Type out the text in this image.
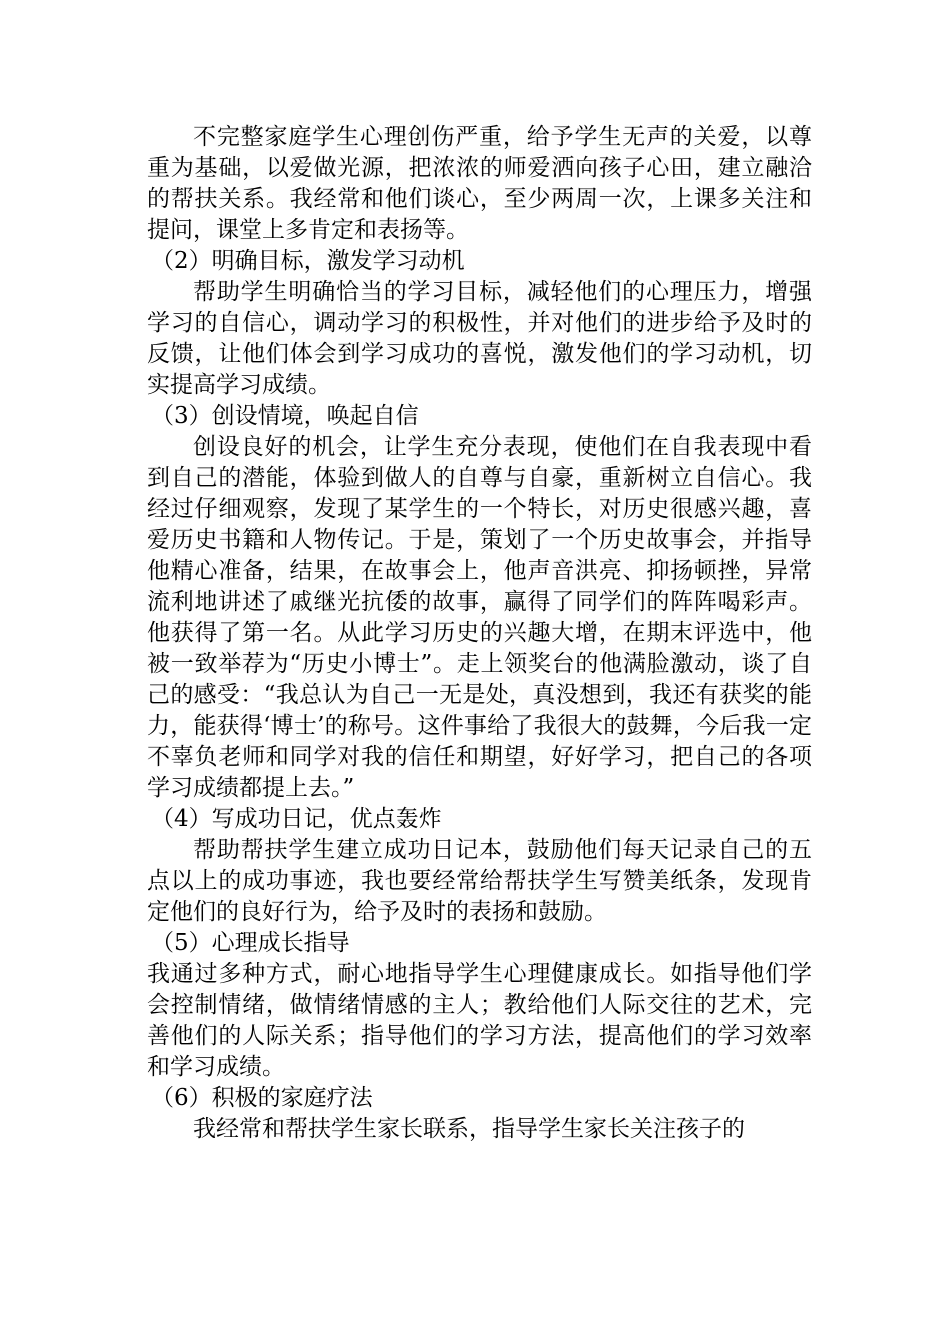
不完整家庭学生心理创伤严重，给予学生无声的关爱，以尊重为基础，以爱做光源，把浓浓的师爱洒向孩子心田，建立融洽的帮扶关系。我经常和他们谈心，至少两周一次，上课多关注和提问，课堂上多肯定和表扬等。

（2）明确目标，激发学习动机

帮助学生明确恰当的学习目标，减轻他们的心理压力，增强学习的自信心，调动学习的积极性，并对他们的进步给予及时的反馈，让他们体会到学习成功的喜悦，激发他们的学习动机，切实提高学习成绩。

（3）创设情境，唤起自信

创设良好的机会，让学生充分表现，使他们在自我表现中看到自己的潜能，体验到做人的自尊与自豪，重新树立自信心。我经过仔细观察，发现了某学生的一个特长，对历史很感兴趣，喜爱历史书籍和人物传记。于是，策划了一个历史故事会，并指导他精心准备，结果，在故事会上，他声音洪亮、抑扬顿挫，异常流利地讲述了戚继光抗倭的故事，赢得了同学们的阵阵喝彩声。他获得了第一名。从此学习历史的兴趣大增，在期末评选中，他被一致举荐为“历史小博士”。走上领奖台的他满脸激动，谈了自己的感受：“我总认为自己一无是处，真没想到，我还有获奖的能力，能获得‘博士’的称号。这件事给了我很大的鼓舞，今后我一定不辜负老师和同学对我的信任和期望，好好学习，把自己的各项学习成绩都提上去。”

（4）写成功日记，优点轰炸

帮助帮扶学生建立成功日记本，鼓励他们每天记录自己的五点以上的成功事迹，我也要经常给帮扶学生写赞美纸条，发现肯定他们的良好行为，给予及时的表扬和鼓励。

（5）心理成长指导

我通过多种方式，耐心地指导学生心理健康成长。如指导他们学会控制情绪，做情绪情感的主人；教给他们人际交往的艺术，完善他们的人际关系；指导他们的学习方法，提高他们的学习效率和学习成绩。

（6）积极的家庭疗法

我经常和帮扶学生家长联系，指导学生家长关注孩子的
